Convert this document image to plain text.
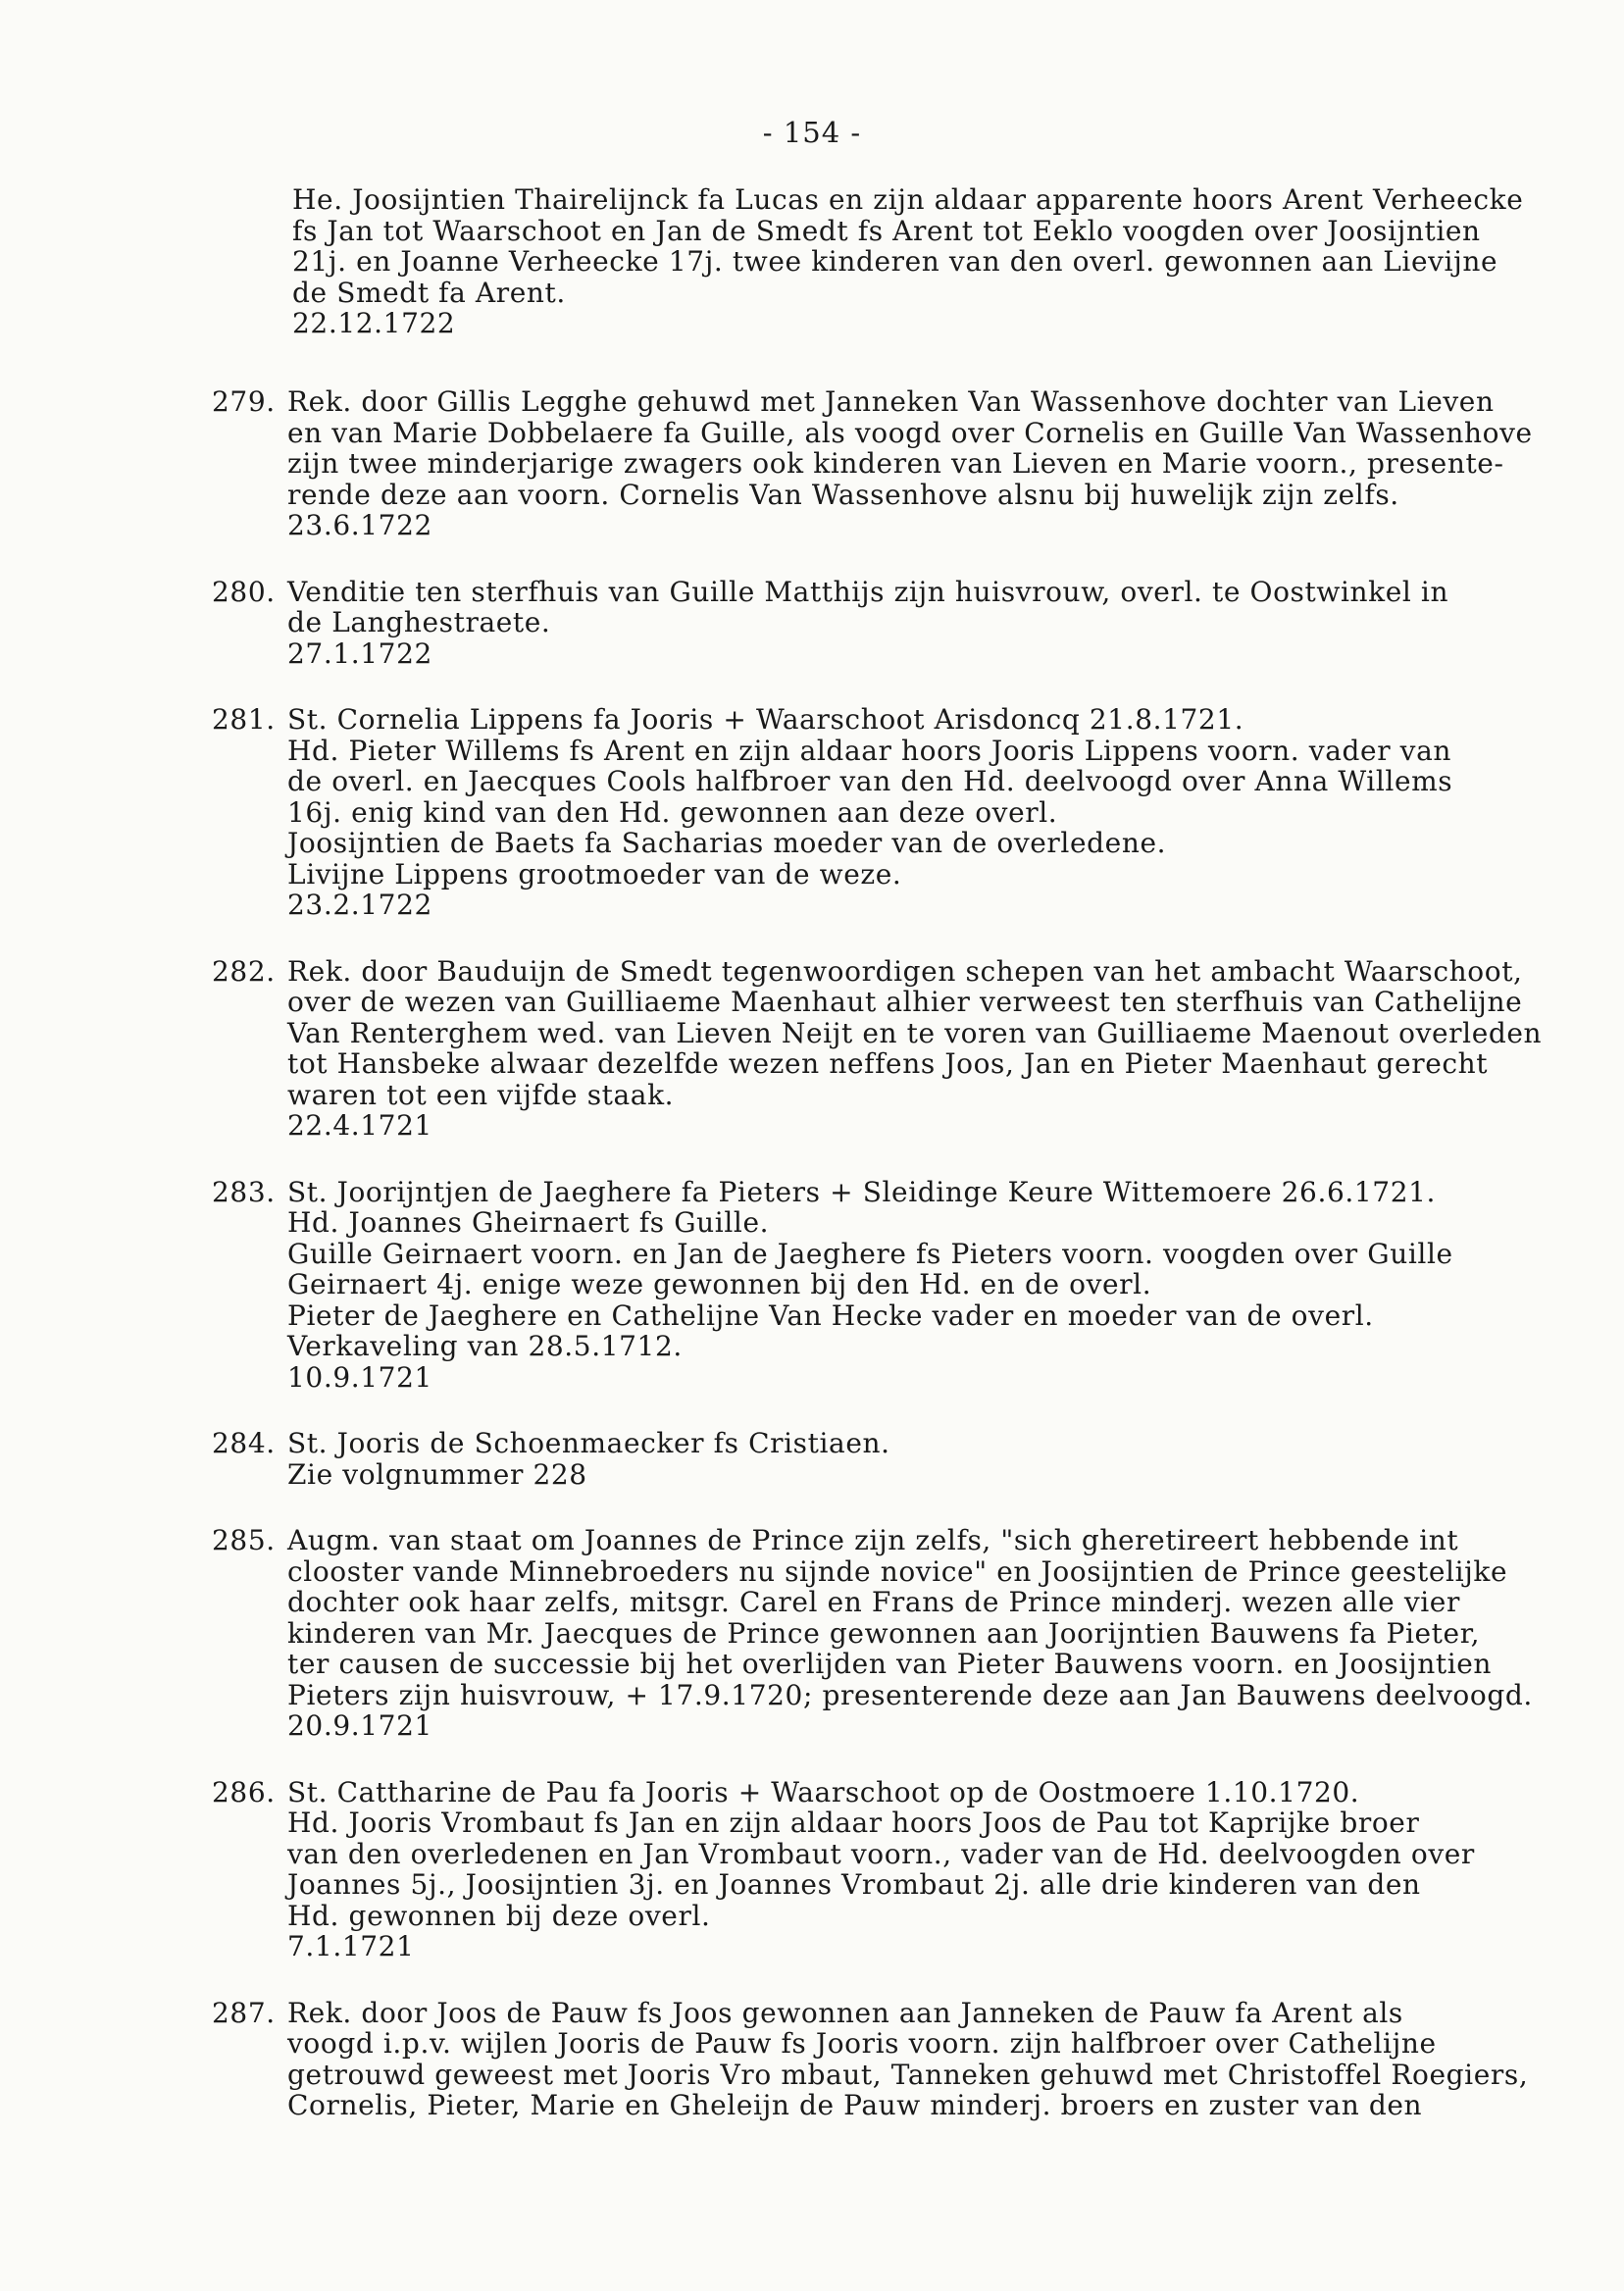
- 154 -
He. Joosijntien Thairelijnck fa Lucas en zijn aldaar apparente hoors Arent Verheecke
fs Jan tot Waarschoot en Jan de Smedt fs Arent tot Eeklo voogden over Joosijntien
21j. en Joanne Verheecke 17j. twee kinderen van den overl. gewonnen aan Lievijne
de Smedt fa Arent.
22.12.1722
279. Rek. door Gillis Legghe gehuwd met Janneken Van Wassenhove dochter van Lieven
en van Marie Dobbelaere fa Guille, als voogd over Cornelis en Guille Van Wassenhove
zijn twee minderjarige zwagers ook kinderen van Lieven en Marie voorn., presente-
rende deze aan voorn. Cornelis Van Wassenhove alsnu bij huwelijk zijn zelfs.
23.6.1722
280. Venditie ten sterfhuis van Guille Matthijs zijn huisvrouw, overl. te Oostwinkel in
de Langhestraete.
27.1.1722
281. St. Cornelia Lippens fa Jooris + Waarschoot Arisdoncq 21.8.1721.
Hd. Pieter Willems fs Arent en zijn aldaar hoors Jooris Lippens voorn. vader van
de overl. en Jaecques Cools halfbroer van den Hd. deelvoogd over Anna Willems
16j. enig kind van den Hd. gewonnen aan deze overl.
Joosijntien de Baets fa Sacharias moeder van de overledene.
Livijne Lippens grootmoeder van de weze.
23.2.1722
282. Rek. door Bauduijn de Smedt tegenwoordigen schepen van het ambacht Waarschoot,
over de wezen van Guilliaeme Maenhaut alhier verweest ten sterfhuis van Cathelijne
Van Renterghem wed. van Lieven Neijt en te voren van Guilliaeme Maenout overleden
tot Hansbeke alwaar dezelfde wezen neffens Joos, Jan en Pieter Maenhaut gerecht
waren tot een vijfde staak.
22.4.1721
283. St. Joorijntjen de Jaeghere fa Pieters + Sleidinge Keure Wittemoere 26.6.1721.
Hd. Joannes Gheirnaert fs Guille.
Guille Geirnaert voorn. en Jan de Jaeghere fs Pieters voorn. voogden over Guille
Geirnaert 4j. enige weze gewonnen bij den Hd. en de overl.
Pieter de Jaeghere en Cathelijne Van Hecke vader en moeder van de overl.
Verkaveling van 28.5.1712.
10.9.1721
284. St. Jooris de Schoenmaecker fs Cristiaen.
Zie volgnummer 228
285. Augm. van staat om Joannes de Prince zijn zelfs, "sich gheretireert hebbende int
clooster vande Minnebroeders nu sijnde novice" en Joosijntien de Prince geestelijke
dochter ook haar zelfs, mitsgr. Carel en Frans de Prince minderj. wezen alle vier
kinderen van Mr. Jaecques de Prince gewonnen aan Joorijntien Bauwens fa Pieter,
ter causen de successie bij het overlijden van Pieter Bauwens voorn. en Joosijntien
Pieters zijn huisvrouw, + 17.9.1720; presenterende deze aan Jan Bauwens deelvoogd.
20.9.1721
286. St. Cattharine de Pau fa Jooris + Waarschoot op de Oostmoere 1.10.1720.
Hd. Jooris Vrombaut fs Jan en zijn aldaar hoors Joos de Pau tot Kaprijke broer
van den overledenen en Jan Vrombaut voorn., vader van de Hd. deelvoogden over
Joannes 5j., Joosijntien 3j. en Joannes Vrombaut 2j. alle drie kinderen van den
Hd. gewonnen bij deze overl.
7.1.1721
287. Rek. door Joos de Pauw fs Joos gewonnen aan Janneken de Pauw fa Arent als
voogd i.p.v. wijlen Jooris de Pauw fs Jooris voorn. zijn halfbroer over Cathelijne
getrouwd geweest met Jooris Vro mbaut, Tanneken gehuwd met Christoffel Roegiers,
Cornelis, Pieter, Marie en Gheleijn de Pauw minderj. broers en zuster van den
